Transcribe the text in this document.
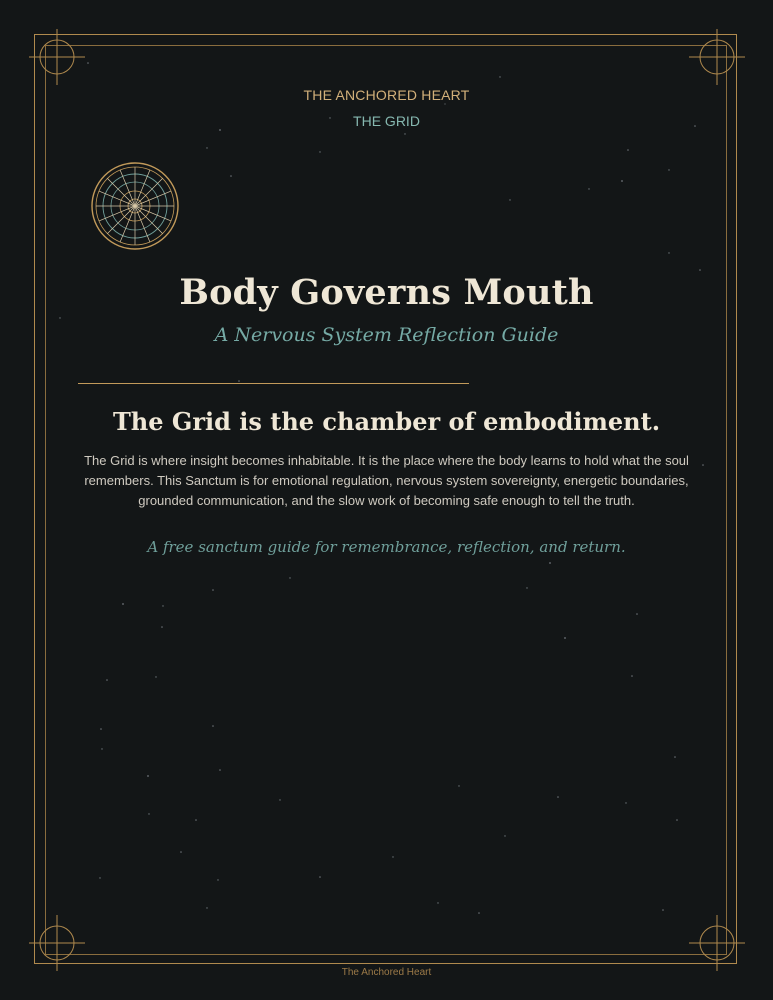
THE ANCHORED HEART
THE GRID
Body Governs Mouth
A Nervous System Reflection Guide
The Grid is the chamber of embodiment.
The Grid is where insight becomes inhabitable. It is the place where the body learns to hold what the soul remembers. This Sanctum is for emotional regulation, nervous system sovereignty, energetic boundaries, grounded communication, and the slow work of becoming safe enough to tell the truth.
A free sanctum guide for remembrance, reflection, and return.
The Anchored Heart
